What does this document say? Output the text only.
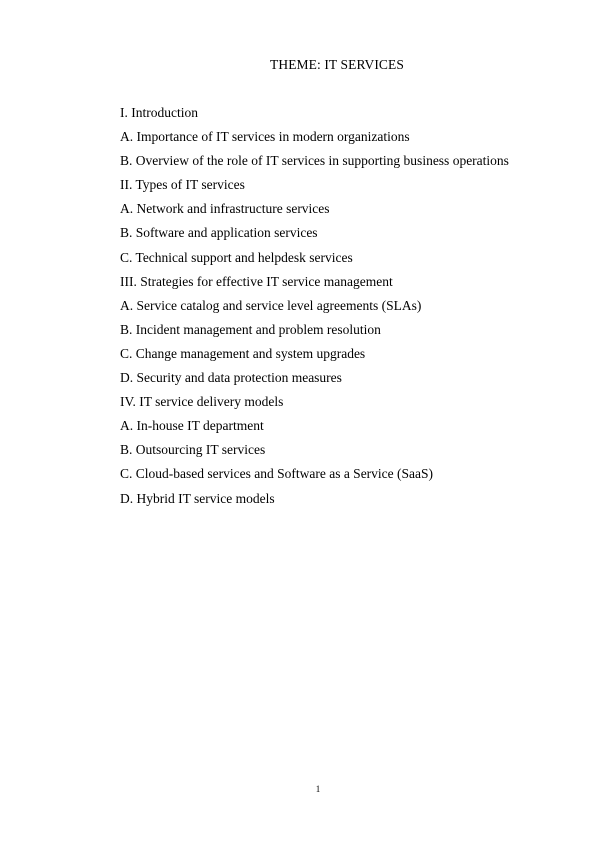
THEME: IT SERVICES
I. Introduction
A. Importance of IT services in modern organizations
B. Overview of the role of IT services in supporting business operations
II. Types of IT services
A. Network and infrastructure services
B. Software and application services
C. Technical support and helpdesk services
III. Strategies for effective IT service management
A. Service catalog and service level agreements (SLAs)
B. Incident management and problem resolution
C. Change management and system upgrades
D. Security and data protection measures
IV. IT service delivery models
A. In-house IT department
B. Outsourcing IT services
C. Cloud-based services and Software as a Service (SaaS)
D. Hybrid IT service models
1
